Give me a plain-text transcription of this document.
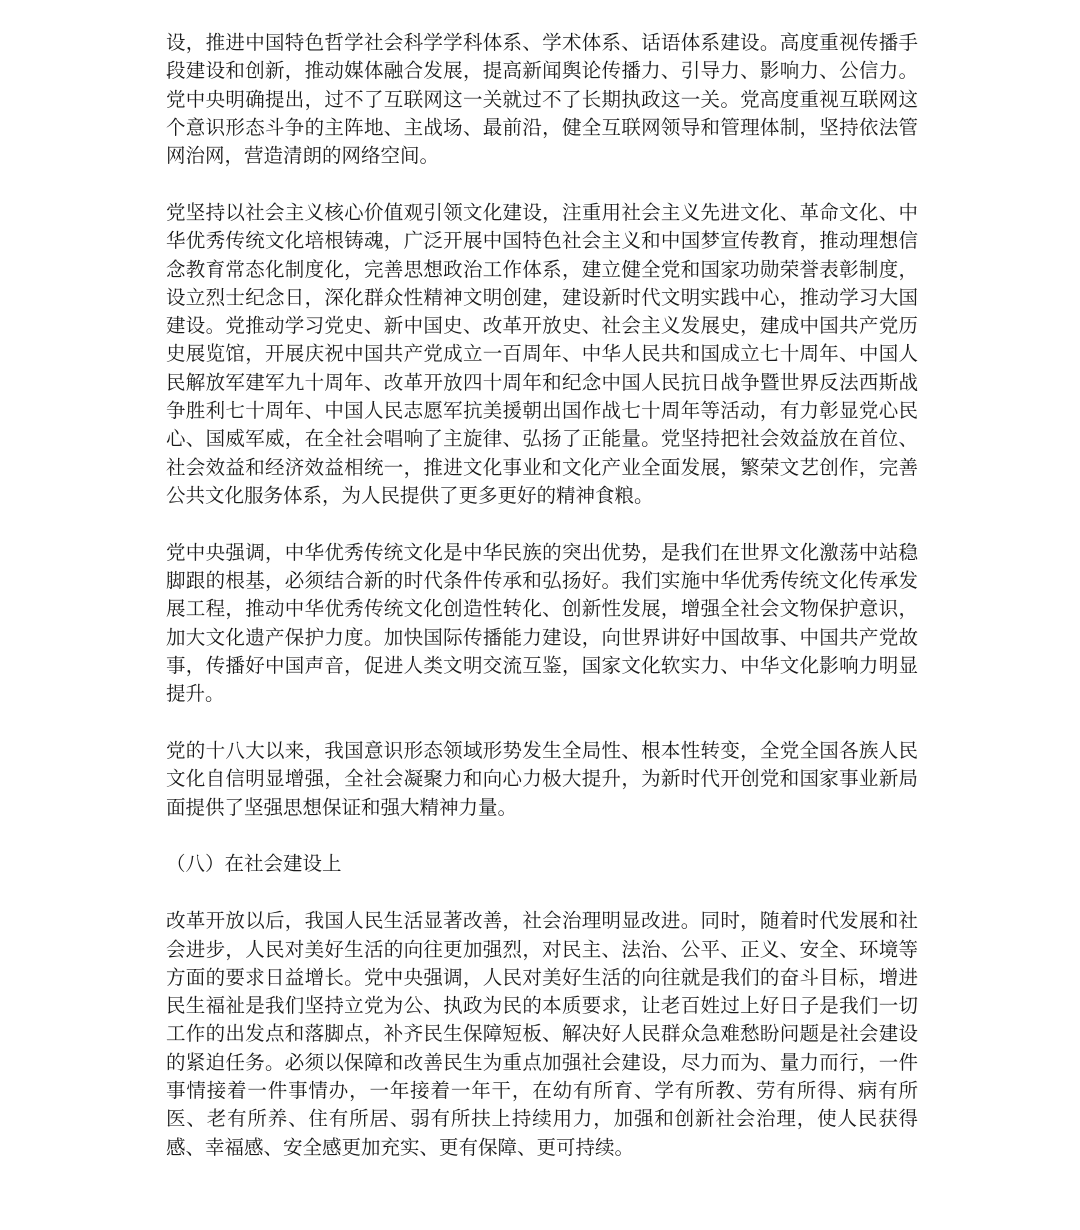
设，推进中国特色哲学社会科学学科体系、学术体系、话语体系建设。高度重视传播手段建设和创新，推动媒体融合发展，提高新闻舆论传播力、引导力、影响力、公信力。党中央明确提出，过不了互联网这一关就过不了长期执政这一关。党高度重视互联网这个意识形态斗争的主阵地、主战场、最前沿，健全互联网领导和管理体制，坚持依法管网治网，营造清朗的网络空间。

党坚持以社会主义核心价值观引领文化建设，注重用社会主义先进文化、革命文化、中华优秀传统文化培根铸魂，广泛开展中国特色社会主义和中国梦宣传教育，推动理想信念教育常态化制度化，完善思想政治工作体系，建立健全党和国家功勋荣誉表彰制度，设立烈士纪念日，深化群众性精神文明创建，建设新时代文明实践中心，推动学习大国建设。党推动学习党史、新中国史、改革开放史、社会主义发展史，建成中国共产党历史展览馆，开展庆祝中国共产党成立一百周年、中华人民共和国成立七十周年、中国人民解放军建军九十周年、改革开放四十周年和纪念中国人民抗日战争暨世界反法西斯战争胜利七十周年、中国人民志愿军抗美援朝出国作战七十周年等活动，有力彰显党心民心、国威军威，在全社会唱响了主旋律、弘扬了正能量。党坚持把社会效益放在首位、社会效益和经济效益相统一，推进文化事业和文化产业全面发展，繁荣文艺创作，完善公共文化服务体系，为人民提供了更多更好的精神食粮。

党中央强调，中华优秀传统文化是中华民族的突出优势，是我们在世界文化激荡中站稳脚跟的根基，必须结合新的时代条件传承和弘扬好。我们实施中华优秀传统文化传承发展工程，推动中华优秀传统文化创造性转化、创新性发展，增强全社会文物保护意识，加大文化遗产保护力度。加快国际传播能力建设，向世界讲好中国故事、中国共产党故事，传播好中国声音，促进人类文明交流互鉴，国家文化软实力、中华文化影响力明显提升。

党的十八大以来，我国意识形态领域形势发生全局性、根本性转变，全党全国各族人民文化自信明显增强，全社会凝聚力和向心力极大提升，为新时代开创党和国家事业新局面提供了坚强思想保证和强大精神力量。

（八）在社会建设上

改革开放以后，我国人民生活显著改善，社会治理明显改进。同时，随着时代发展和社会进步，人民对美好生活的向往更加强烈，对民主、法治、公平、正义、安全、环境等方面的要求日益增长。党中央强调，人民对美好生活的向往就是我们的奋斗目标，增进民生福祉是我们坚持立党为公、执政为民的本质要求，让老百姓过上好日子是我们一切工作的出发点和落脚点，补齐民生保障短板、解决好人民群众急难愁盼问题是社会建设的紧迫任务。必须以保障和改善民生为重点加强社会建设，尽力而为、量力而行，一件事情接着一件事情办，一年接着一年干，在幼有所育、学有所教、劳有所得、病有所医、老有所养、住有所居、弱有所扶上持续用力，加强和创新社会治理，使人民获得感、幸福感、安全感更加充实、更有保障、更可持续。
